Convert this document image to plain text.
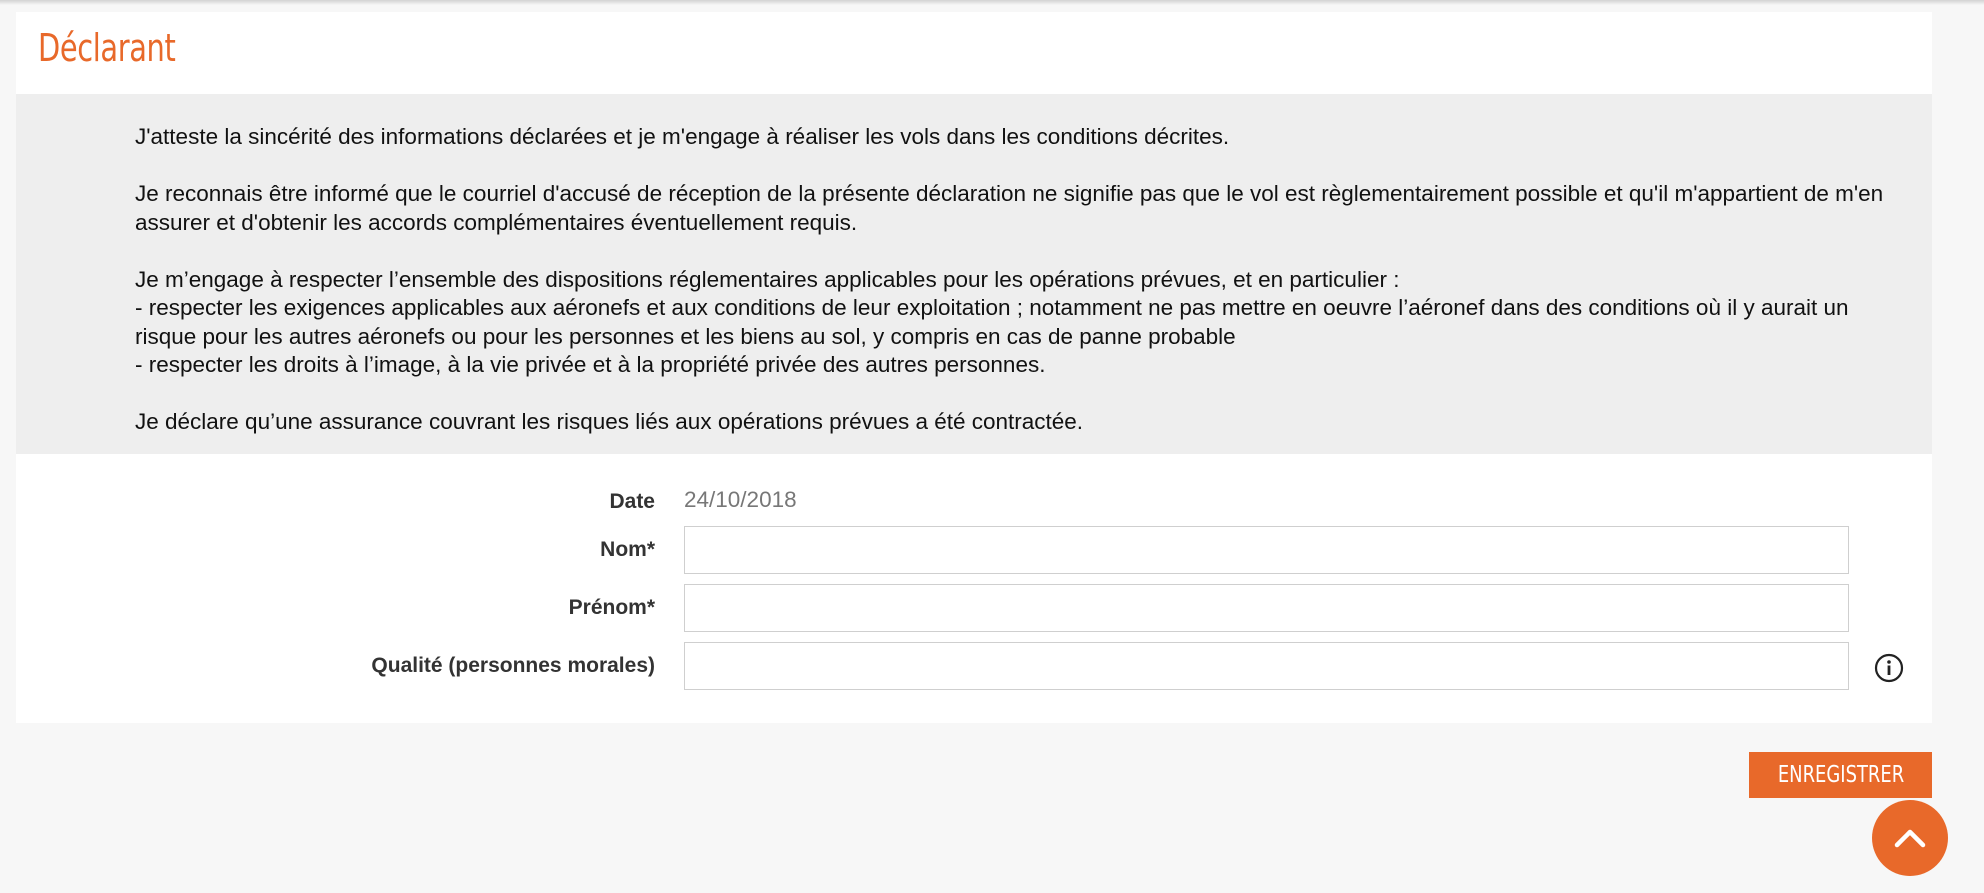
Déclarant

J'atteste la sincérité des informations déclarées et je m'engage à réaliser les vols dans les conditions décrites.

Je reconnais être informé que le courriel d'accusé de réception de la présente déclaration ne signifie pas que le vol est règlementairement possible et qu'il m'appartient de m'en assurer et d'obtenir les accords complémentaires éventuellement requis.

Je m’engage à respecter l’ensemble des dispositions réglementaires applicables pour les opérations prévues, et en particulier :
- respecter les exigences applicables aux aéronefs et aux conditions de leur exploitation ; notamment ne pas mettre en oeuvre l’aéronef dans des conditions où il y aurait un risque pour les autres aéronefs ou pour les personnes et les biens au sol, y compris en cas de panne probable
- respecter les droits à l’image, à la vie privée et à la propriété privée des autres personnes.

Je déclare qu’une assurance couvrant les risques liés aux opérations prévues a été contractée.

Date 24/10/2018
Nom*
Prénom*
Qualité (personnes morales)
ENREGISTRER
